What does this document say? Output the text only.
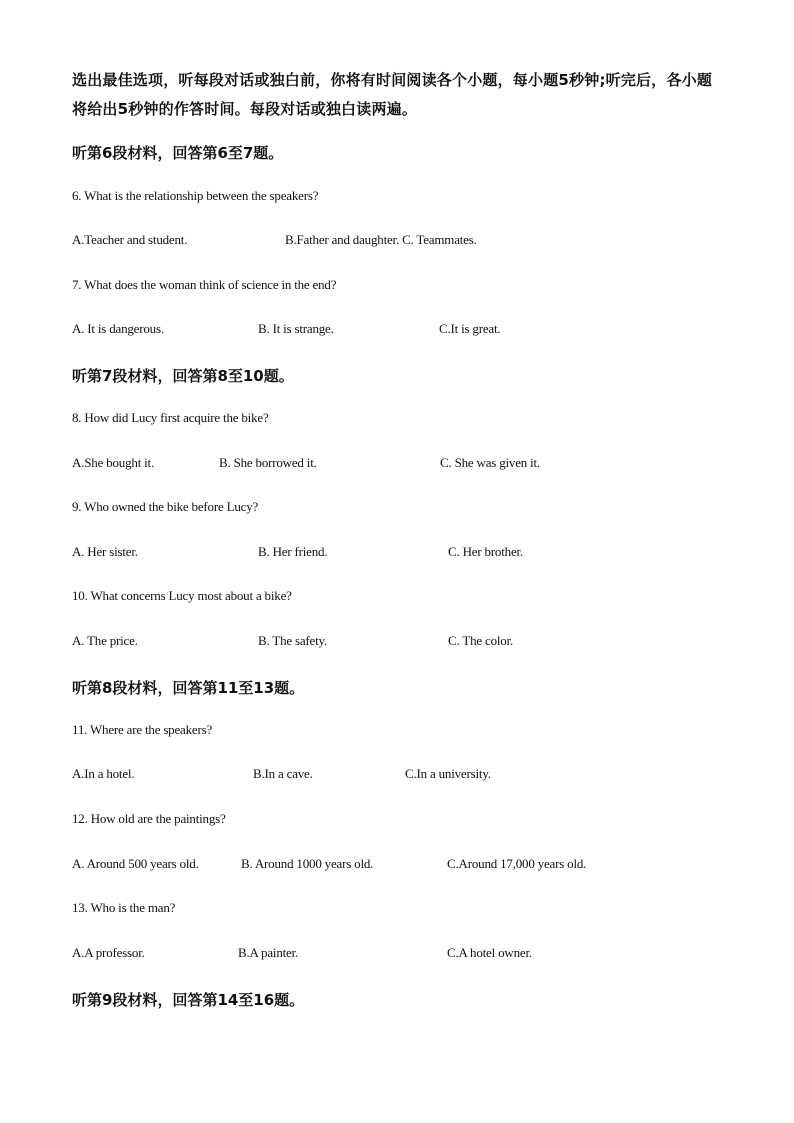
选出最佳选项，听每段对话或独白前，你将有时间阅读各个小题，每小题5秒钟;听完后，各小题将给出5秒钟的作答时间。每段对话或独白读两遍。
听第6段材料，回答第6至7题。
6. What is the relationship between the speakers?
A.Teacher and student.	B.Father and daughter. C. Teammates.
7. What does the woman think of science in the end?
A. It is dangerous.	B. It is strange.	C.It is great.
听第7段材料，回答第8至10题。
8. How did Lucy first acquire the bike?
A.She bought it.	B. She borrowed it.	C. She was given it.
9. Who owned the bike before Lucy?
A. Her sister.	B. Her friend.	C. Her brother.
10. What concerns Lucy most about a bike?
A. The price.	B. The safety.	C. The color.
听第8段材料，回答第11至13题。
11. Where are the speakers?
A.In a hotel.	B.In a cave.	C.In a university.
12. How old are the paintings?
A. Around 500 years old.	B. Around 1000 years old.	C.Around 17,000 years old.
13. Who is the man?
A.A professor.	B.A painter.	C.A hotel owner.
听第9段材料，回答第14至16题。
